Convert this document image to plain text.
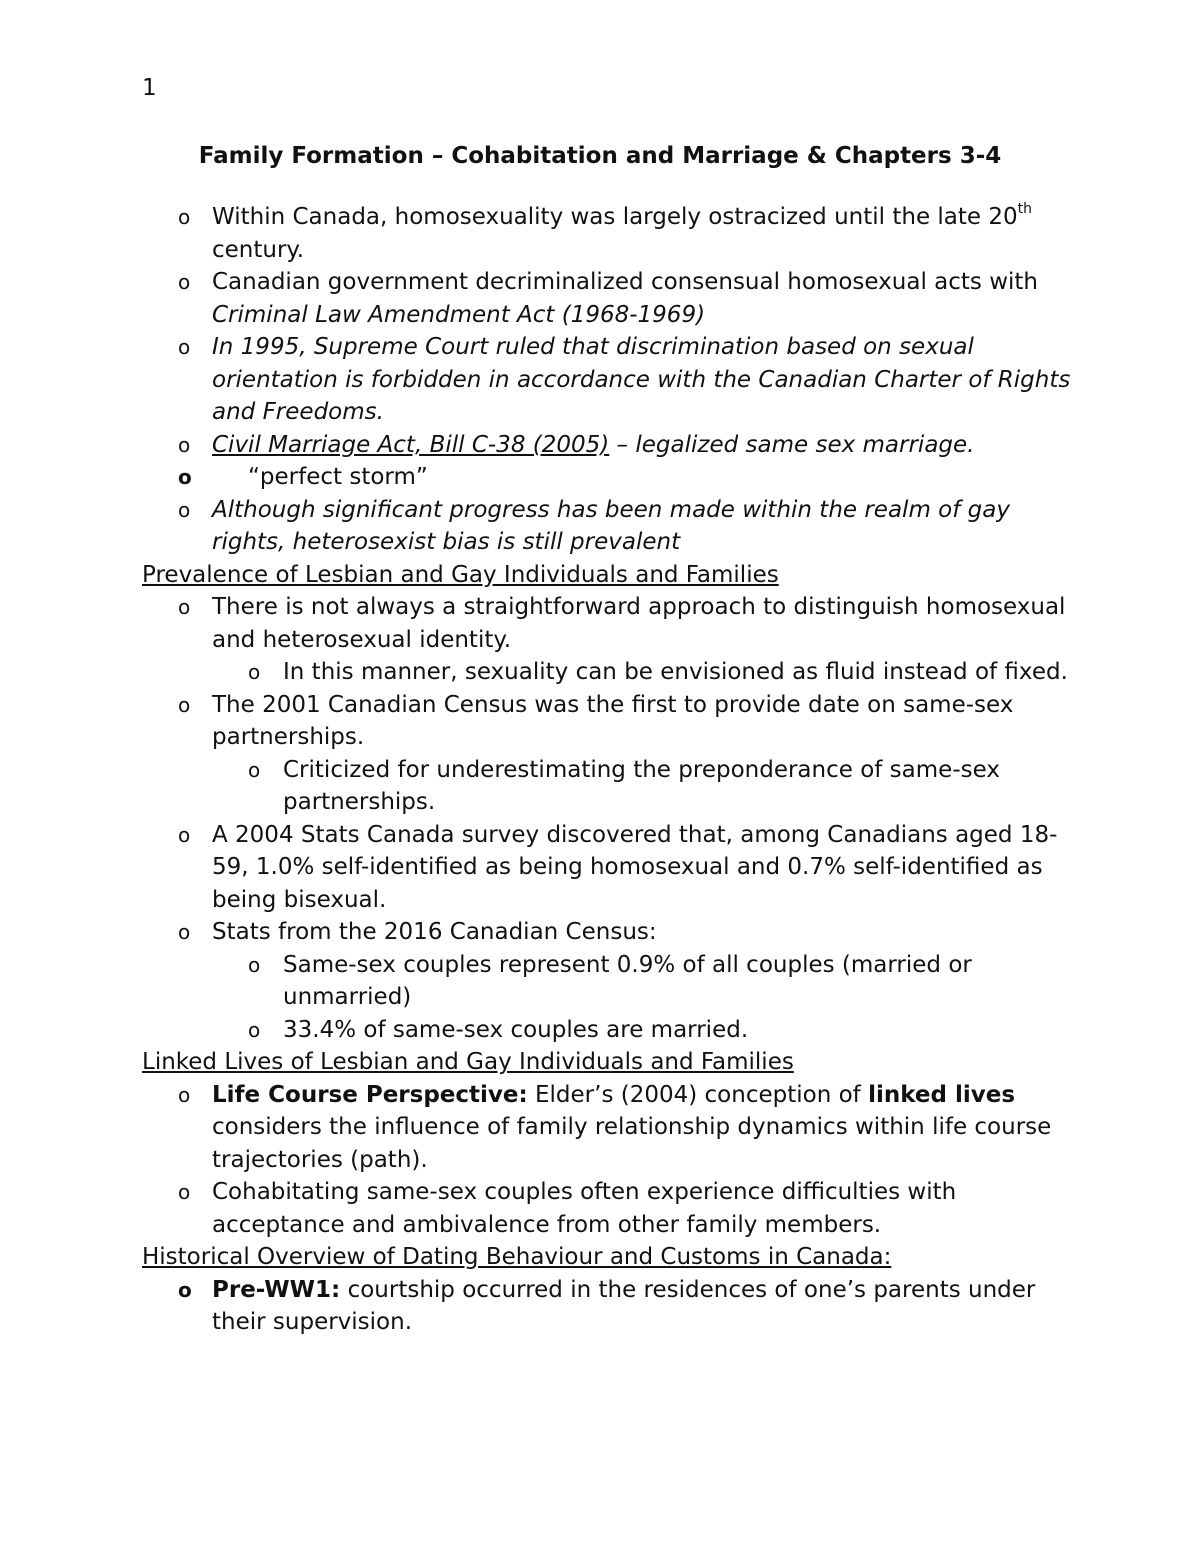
1
Family Formation – Cohabitation and Marriage & Chapters 3-4

o Within Canada, homosexuality was largely ostracized until the late 20th century.

o Canadian government decriminalized consensual homosexual acts with Criminal Law Amendment Act (1968-1969)

o In 1995, Supreme Court ruled that discrimination based on sexual orientation is forbidden in accordance with the Canadian Charter of Rights and Freedoms.

o Civil Marriage Act, Bill C-38 (2005) – legalized same sex marriage.

o “perfect storm”

o Although significant progress has been made within the realm of gay rights, heterosexist bias is still prevalent

Prevalence of Lesbian and Gay Individuals and Families

o There is not always a straightforward approach to distinguish homosexual and heterosexual identity.

o In this manner, sexuality can be envisioned as fluid instead of fixed.

o The 2001 Canadian Census was the first to provide date on same-sex partnerships.

o Criticized for underestimating the preponderance of same-sex partnerships.

o A 2004 Stats Canada survey discovered that, among Canadians aged 18-59, 1.0% self-identified as being homosexual and 0.7% self-identified as being bisexual.

o Stats from the 2016 Canadian Census:

o Same-sex couples represent 0.9% of all couples (married or unmarried)

o 33.4% of same-sex couples are married.

Linked Lives of Lesbian and Gay Individuals and Families

o Life Course Perspective: Elder’s (2004) conception of linked lives considers the influence of family relationship dynamics within life course trajectories (path).

o Cohabitating same-sex couples often experience difficulties with acceptance and ambivalence from other family members.

Historical Overview of Dating Behaviour and Customs in Canada:

o Pre-WW1: courtship occurred in the residences of one’s parents under their supervision.
